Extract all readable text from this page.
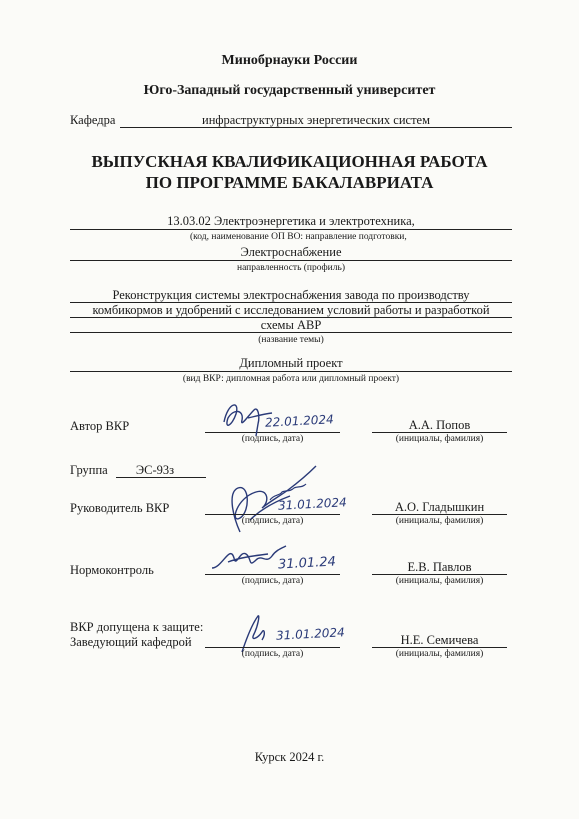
Минобрнауки России
Юго-Западный государственный университет
Кафедра	инфраструктурных энергетических систем
ВЫПУСКНАЯ КВАЛИФИКАЦИОННАЯ РАБОТА
ПО ПРОГРАММЕ БАКАЛАВРИАТА
13.03.02 Электроэнергетика и электротехника,
(код, наименование ОП ВО: направление подготовки,
Электроснабжение
направленность (профиль)
Реконструкция системы электроснабжения завода по производству
комбикормов и удобрений с исследованием условий работы и разработкой
схемы АВР
(название темы)
Дипломный проект
(вид ВКР: дипломная работа или дипломный проект)
Автор ВКР	22.01.2024
(подпись, дата)
А.А. Попов
(инициалы, фамилия)
Группа	ЭС-93з
Руководитель ВКР	31.01.2024
(подпись, дата)
А.О. Гладышкин
(инициалы, фамилия)
Нормоконтроль	31.01.24
(подпись, дата)
Е.В. Павлов
(инициалы, фамилия)
ВКР допущена к защите:
Заведующий кафедрой	31.01.2024
(подпись, дата)
Н.Е. Семичева
(инициалы, фамилия)
Курск 2024 г.
